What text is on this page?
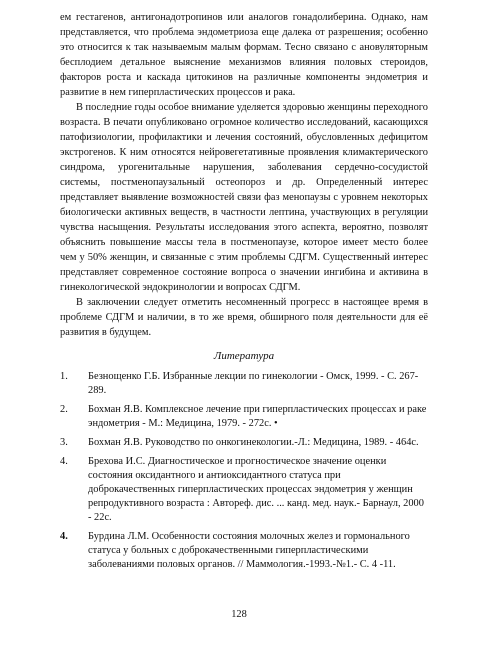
ем гестагенов, антигонадотропинов или аналогов гонадолиберина. Однако, нам представляется, что проблема эндометриоза еще далека от разрешения; особенно это относится к так называемым малым формам. Тесно связано с ановуляторным бесплодием детальное выяснение механизмов влияния половых стероидов, факторов роста и каскада цитокинов на различные компоненты эндометрия и развитие в нем гиперпластических процессов и рака.

В последние годы особое внимание уделяется здоровью женщины переходного возраста. В печати опубликовано огромное количество исследований, касающихся патофизиологии, профилактики и лечения состояний, обусловленных дефицитом экстрогенов. К ним относятся нейровегетативные проявления климактерического синдрома, урогенитальные нарушения, заболевания сердечно-сосудистой системы, постменопаузальный остеопороз и др. Определенный интерес представляет выявление возможностей связи фаз менопаузы с уровнем некоторых биологически активных веществ, в частности лептина, участвующих в регуляции чувства насыщения. Результаты исследования этого аспекта, вероятно, позволят объяснить повышение массы тела в постменопаузе, которое имеет место более чем у 50% женщин, и связанные с этим проблемы СДГМ. Существенный интерес представляет современное состояние вопроса о значении ингибина и активина в гинекологической эндокринологии и вопросах СДГМ.

В заключении следует отметить несомненный прогресс в настоящее время в проблеме СДГМ и наличии, в то же время, обширного поля деятельности для её развития в будущем.

Литература
1. Безнощенко Г.Б. Избранные лекции по гинекологии - Омск, 1999. - С. 267-289.
2. Бохман Я.В. Комплексное лечение при гиперпластических процессах и раке эндометрия - М.: Медицина, 1979. - 272с. •
3. Бохман Я.В. Руководство по онкогинекологии.-Л.: Медицина, 1989. - 464с.
4. Брехова И.С. Диагностическое и прогностическое значение оценки состояния оксидантного и антиоксидантного статуса при доброкачественных гиперпластических процессах эндометрия у женщин репродуктивного возраста : Автореф. дис. ... канд. мед. наук.- Барнаул, 2000 - 22с.
4. Бурдина Л.М. Особенности состояния молочных желез и гормонального статуса у больных с доброкачественными гиперпластическими заболеваниями половых органов. // Маммология.-1993.-№1.- С. 4 -11.
128
